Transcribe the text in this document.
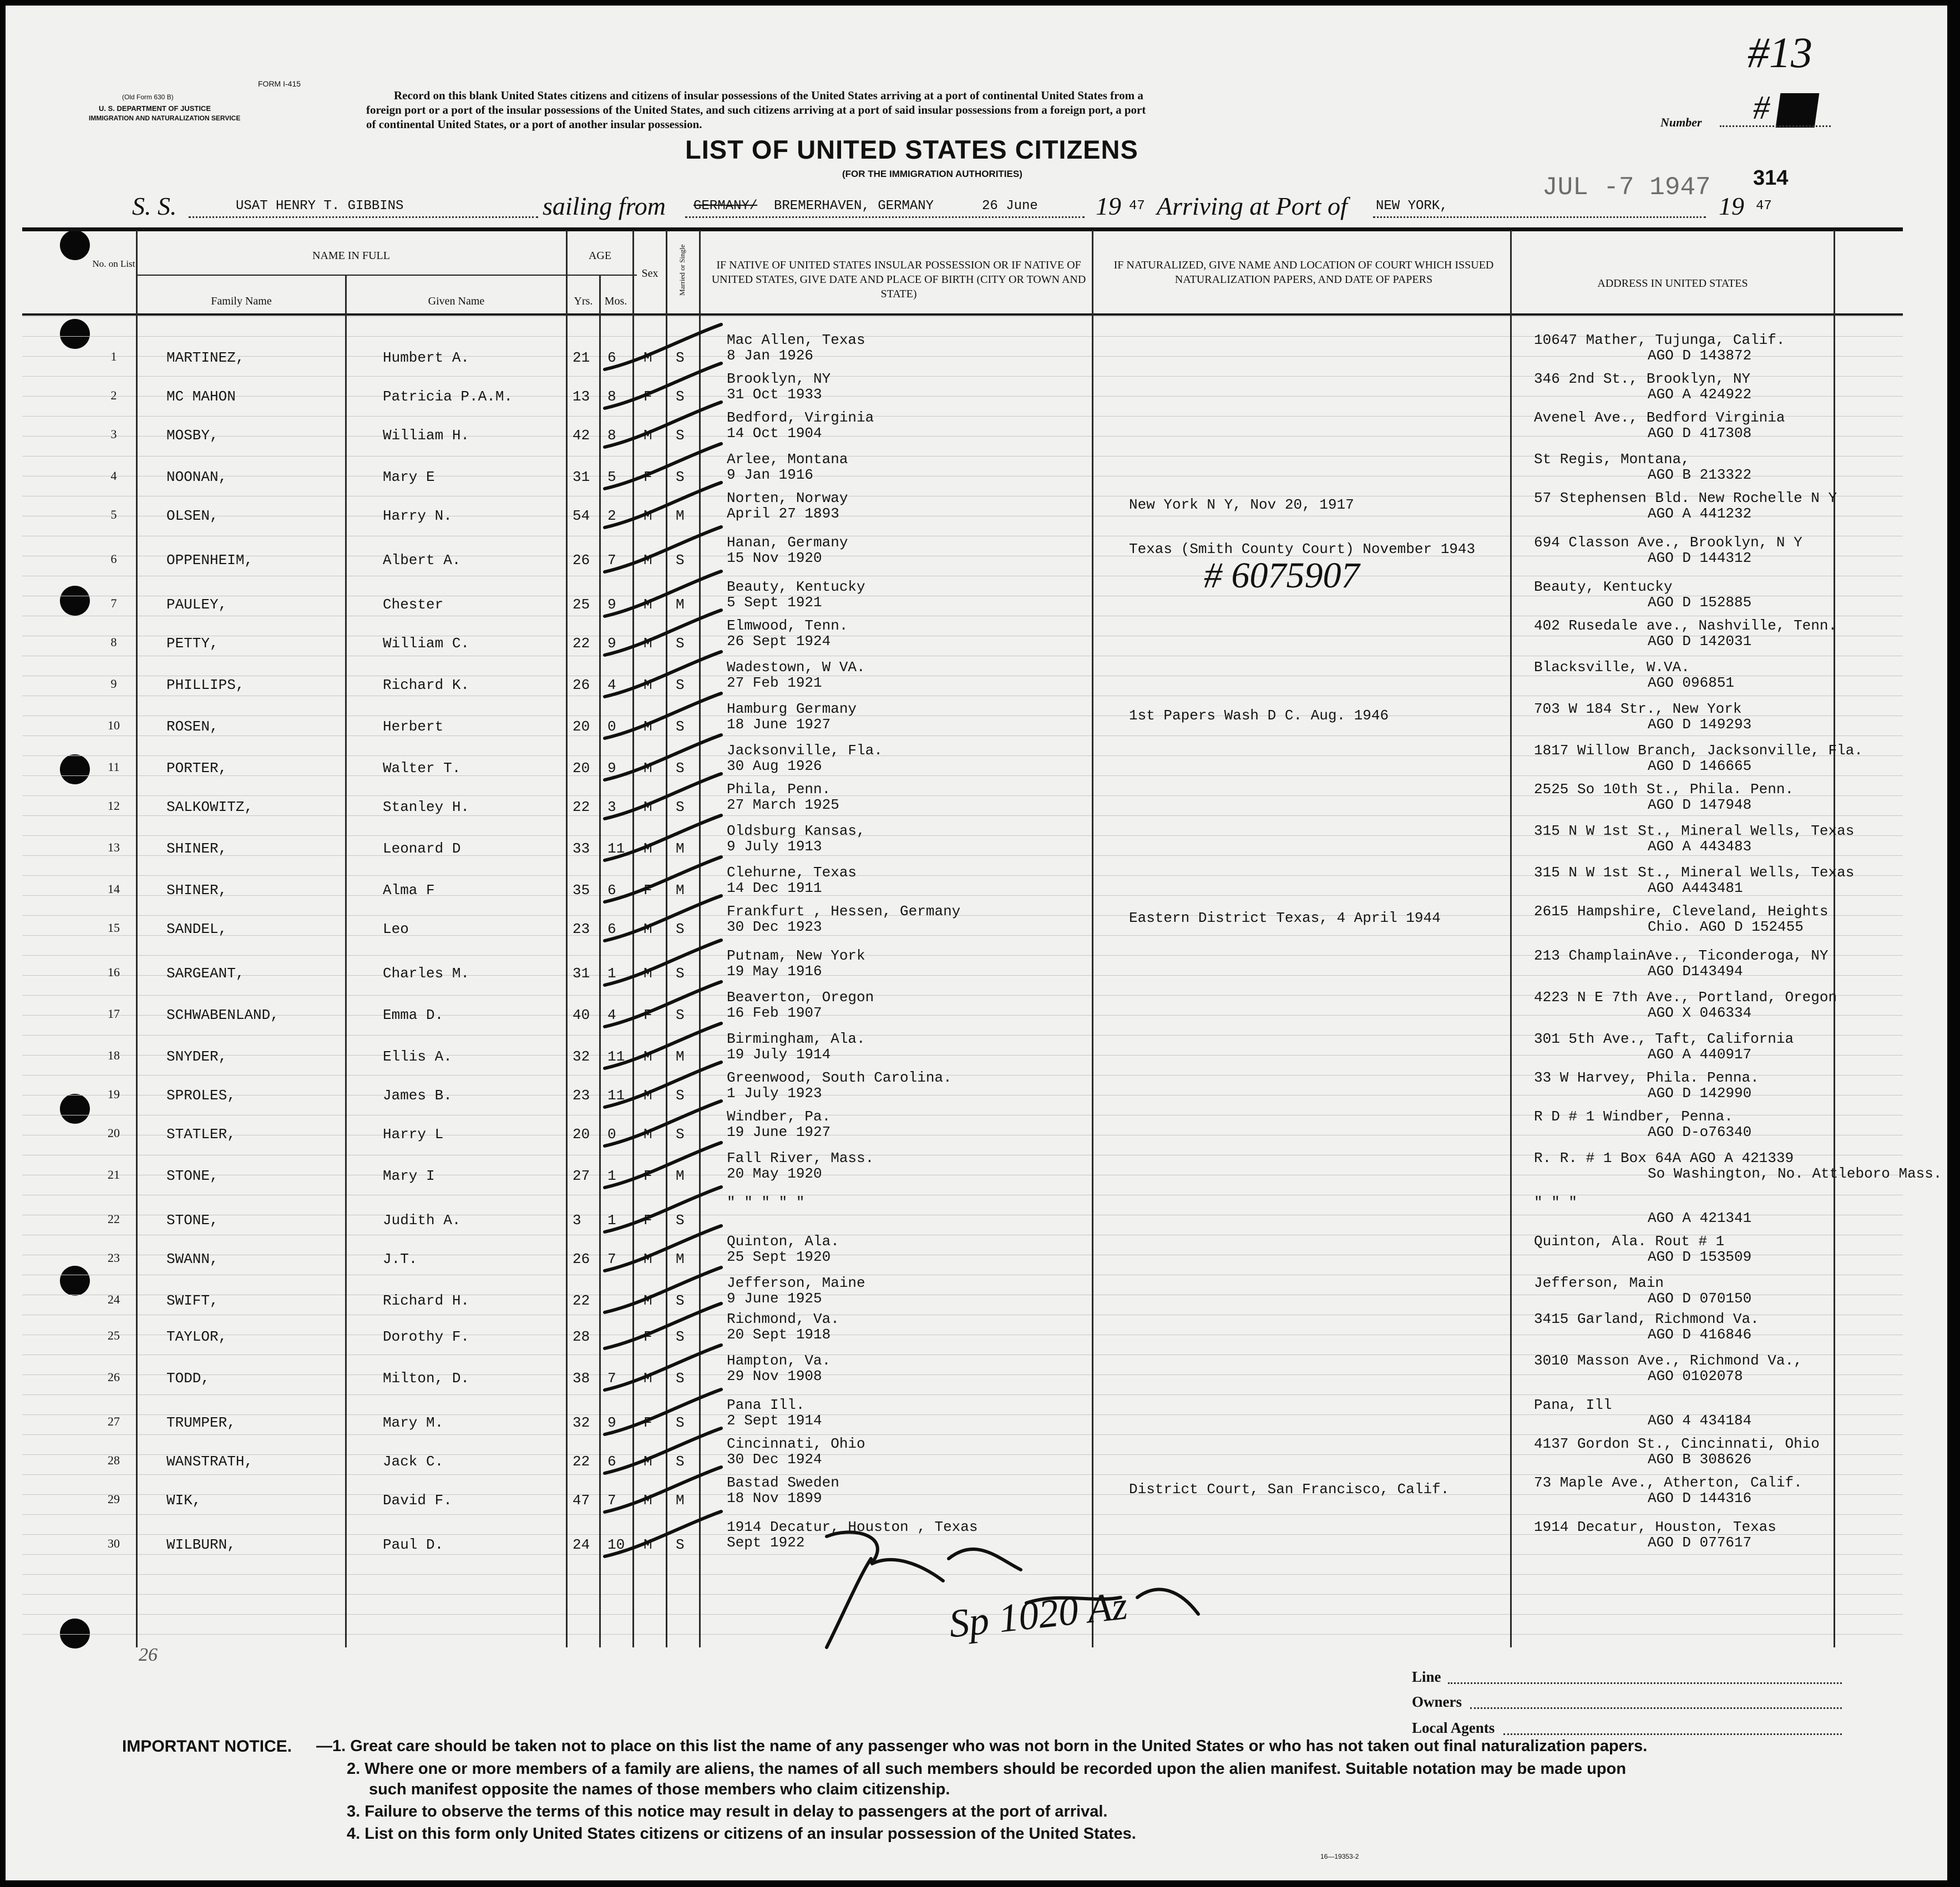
FORM I-415
(Old Form 630 B)
U. S. DEPARTMENT OF JUSTICE
IMMIGRATION AND NATURALIZATION SERVICE
Record on this blank United States citizens and citizens of insular possessions of the United States arriving at a port of continental United States from a
foreign port or a port of the insular possessions of the United States, and such citizens arriving at a port of said insular possessions from a foreign port, a port
of continental United States, or a port of another insular possession.
LIST OF UNITED STATES CITIZENS
(FOR THE IMMIGRATION AUTHORITIES)
#13
Number #
JUL -7 1947 314
S. S.	USAT HENRY T. GIBBINS	sailing from GERMANY/ BREMERHAVEN, GERMANY	26 June 19 47 Arriving at Port of NEW YORK,	19 47
No. on List
NAME IN FULL
Family Name	Given Name
AGE
Yrs.	Mos.
Sex	Married or Single	IF NATIVE OF UNITED STATES INSULAR POSSESSION OR IF NATIVE OF UNITED STATES, GIVE DATE AND PLACE OF BIRTH (CITY OR TOWN AND STATE)
IF NATURALIZED, GIVE NAME AND LOCATION OF COURT WHICH ISSUED NATURALIZATION PAPERS, AND DATE OF PAPERS	ADDRESS IN UNITED STATES
1	MARTINEZ,	Humbert A.	21 6 M S
Mac Allen, Texas
8 Jan 1926
10647 Mather, Tujunga, Calif.
AGO D 143872
2	MC MAHON	Patricia P.A.M.	13 8 F S
Brooklyn, NY
31 Oct 1933
346 2nd St., Brooklyn, NY
AGO A 424922
3	MOSBY,	William H.	42 8 M S
Bedford, Virginia
14 Oct 1904
Avenel Ave., Bedford Virginia
AGO D 417308
4	NOONAN,	Mary E	31 5 F S
Arlee, Montana
9 Jan 1916
St Regis, Montana,
AGO B 213322
5	OLSEN,	Harry N.	54 2 M M
Norten, Norway
April 27 1893
New York N Y, Nov 20, 1917	57 Stephensen Bld. New Rochelle N Y
AGO A 441232
6	OPPENHEIM,	Albert A.	26 7 M S
Hanan, Germany
15 Nov 1920
Texas (Smith County Court) November 1943	694 Classon Ave., Brooklyn, N Y
AGO D 144312
7	PAULEY,	Chester	25 9 M M
Beauty, Kentucky
5 Sept 1921
Beauty, Kentucky
AGO D 152885
8	PETTY,	William C.	22 9 M S
Elmwood, Tenn.
26 Sept 1924
402 Rusedale ave., Nashville, Tenn.
AGO D 142031
9	PHILLIPS,	Richard K.	26 4 M S
Wadestown, W VA.
27 Feb 1921
Blacksville, W.VA.
AGO 096851
10	ROSEN,	Herbert	20 0 M S
Hamburg Germany
18 June 1927
1st Papers Wash D C. Aug. 1946	703 W 184 Str., New York
AGO D 149293
11	PORTER,	Walter T.	20 9 M S
Jacksonville, Fla.
30 Aug 1926
1817 Willow Branch, Jacksonville, Fla.
AGO D 146665
12	SALKOWITZ,	Stanley H.	22 3 M S
Phila, Penn.
27 March 1925
2525 So 10th St., Phila. Penn.
AGO D 147948
13	SHINER,	Leonard D	33 11 M M
Oldsburg Kansas,
9 July 1913
315 N W 1st St., Mineral Wells, Texas
AGO A 443483
14	SHINER,	Alma F	35 6 F M
Clehurne, Texas
14 Dec 1911
315 N W 1st St., Mineral Wells, Texas
AGO A443481
15	SANDEL,	Leo	23 6 M S
Frankfurt , Hessen, Germany
30 Dec 1923
Eastern District Texas, 4 April 1944	2615 Hampshire, Cleveland, Heights
Chio. AGO D 152455
16	SARGEANT,	Charles M.	31 1 M S
Putnam, New York
19 May 1916
213 ChamplainAve., Ticonderoga, NY
AGO D143494
17	SCHWABENLAND,	Emma D.	40 4 F S
Beaverton, Oregon
16 Feb 1907
4223 N E 7th Ave., Portland, Oregon
AGO X 046334
18	SNYDER,	Ellis A.	32 11 M M
Birmingham, Ala.
19 July 1914
301 5th Ave., Taft, California
AGO A 440917
19	SPROLES,	James B.	23 11 M S
Greenwood, South Carolina.
1 July 1923
33 W Harvey, Phila. Penna.
AGO D 142990
20	STATLER,	Harry L	20 0 M S
Windber, Pa.
19 June 1927
R D # 1 Windber, Penna.
AGO D-o76340
21	STONE,	Mary I	27 1 F M
Fall River, Mass.
20 May 1920
R. R. # 1 Box 64A AGO A 421339
So Washington, No. Attleboro Mass.
22	STONE,	Judith A.	3 1 F S
" " " " "	" " "
AGO A 421341
23	SWANN,	J.T.	26 7 M M
Quinton, Ala.
25 Sept 1920
Quinton, Ala. Rout # 1
AGO D 153509
24	SWIFT,	Richard H.	22	M S
Jefferson, Maine
9 June 1925
Jefferson, Main
AGO D 070150
25	TAYLOR,	Dorothy F.	28	F S
Richmond, Va.
20 Sept 1918
3415 Garland, Richmond Va.
AGO D 416846
26	TODD,	Milton, D.	38 7 M S
Hampton, Va.
29 Nov 1908
3010 Masson Ave., Richmond Va.,
AGO 0102078
27	TRUMPER,	Mary M.	32 9 F S
Pana Ill.
2 Sept 1914
Pana, Ill
AGO 4 434184
28	WANSTRATH,	Jack C.	22 6 M S
Cincinnati, Ohio
30 Dec 1924
4137 Gordon St., Cincinnati, Ohio
AGO B 308626
29	WIK,	David F.	47 7 M M
Bastad Sweden
18 Nov 1899
District Court, San Francisco, Calif.	73 Maple Ave., Atherton, Calif.
AGO D 144316
30	WILBURN,	Paul D.	24 10 M S
1914 Decatur, Houston , Texas
Sept 1922
1914 Decatur, Houston, Texas
AGO D 077617
# 6075907
26
Sp 1020 Az
Line
Owners
Local Agents
IMPORTANT NOTICE. —1. Great care should be taken not to place on this list the name of any passenger who was not born in the United States or who has not taken out final naturalization papers.
2. Where one or more members of a family are aliens, the names of all such members should be recorded upon the alien manifest. Suitable notation may be made upon
such manifest opposite the names of those members who claim citizenship.
3. Failure to observe the terms of this notice may result in delay to passengers at the port of arrival.
4. List on this form only United States citizens or citizens of an insular possession of the United States.
16—19353-2
